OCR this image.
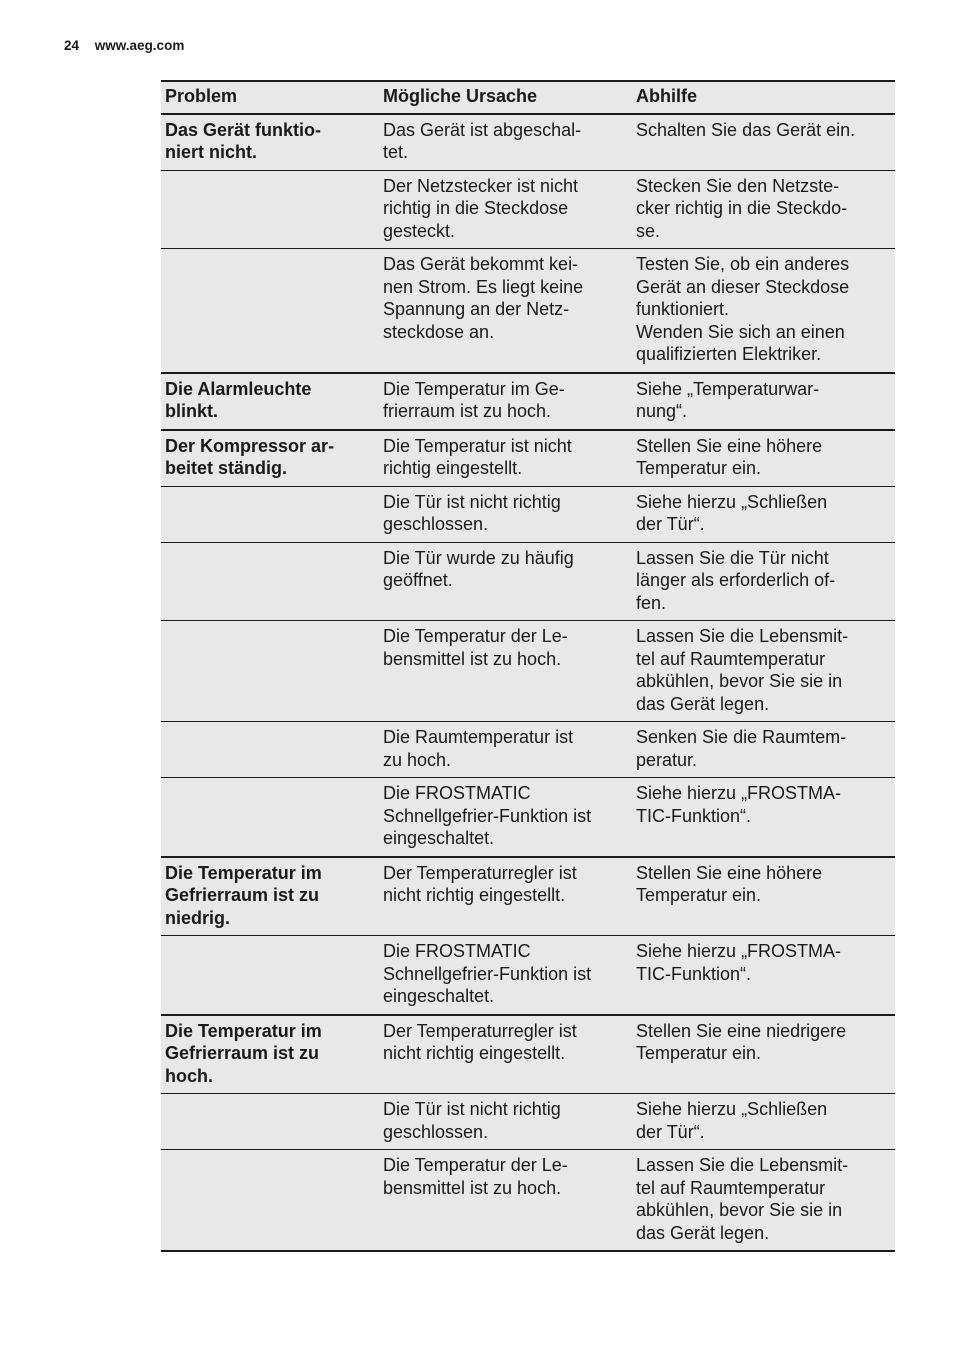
24 www.aeg.com
Problem	Mögliche Ursache	Abhilfe

Das Gerät funktio-
niert nicht.	Das Gerät ist abgeschal-
tet.	Schalten Sie das Gerät ein.

	Der Netzstecker ist nicht
richtig in die Steckdose
gesteckt.	Stecken Sie den Netzste-
cker richtig in die Steckdo-
se.

	Das Gerät bekommt kei-
nen Strom. Es liegt keine
Spannung an der Netz-
steckdose an.	Testen Sie, ob ein anderes
Gerät an dieser Steckdose
funktioniert.
Wenden Sie sich an einen
qualifizierten Elektriker.

Die Alarmleuchte
blinkt.	Die Temperatur im Ge-
frierraum ist zu hoch.	Siehe „Temperaturwar-
nung“.

Der Kompressor ar-
beitet ständig.	Die Temperatur ist nicht
richtig eingestellt.	Stellen Sie eine höhere
Temperatur ein.

	Die Tür ist nicht richtig
geschlossen.	Siehe hierzu „Schließen
der Tür“.

	Die Tür wurde zu häufig
geöffnet.	Lassen Sie die Tür nicht
länger als erforderlich of-
fen.

	Die Temperatur der Le-
bensmittel ist zu hoch.	Lassen Sie die Lebensmit-
tel auf Raumtemperatur
abkühlen, bevor Sie sie in
das Gerät legen.

	Die Raumtemperatur ist
zu hoch.	Senken Sie die Raumtem-
peratur.

	Die FROSTMATIC
Schnellgefrier-Funktion ist
eingeschaltet.	Siehe hierzu „FROSTMA-
TIC-Funktion“.

Die Temperatur im
Gefrierraum ist zu
niedrig.	Der Temperaturregler ist
nicht richtig eingestellt.	Stellen Sie eine höhere
Temperatur ein.

	Die FROSTMATIC
Schnellgefrier-Funktion ist
eingeschaltet.	Siehe hierzu „FROSTMA-
TIC-Funktion“.

Die Temperatur im
Gefrierraum ist zu
hoch.	Der Temperaturregler ist
nicht richtig eingestellt.	Stellen Sie eine niedrigere
Temperatur ein.

	Die Tür ist nicht richtig
geschlossen.	Siehe hierzu „Schließen
der Tür“.

	Die Temperatur der Le-
bensmittel ist zu hoch.	Lassen Sie die Lebensmit-
tel auf Raumtemperatur
abkühlen, bevor Sie sie in
das Gerät legen.
